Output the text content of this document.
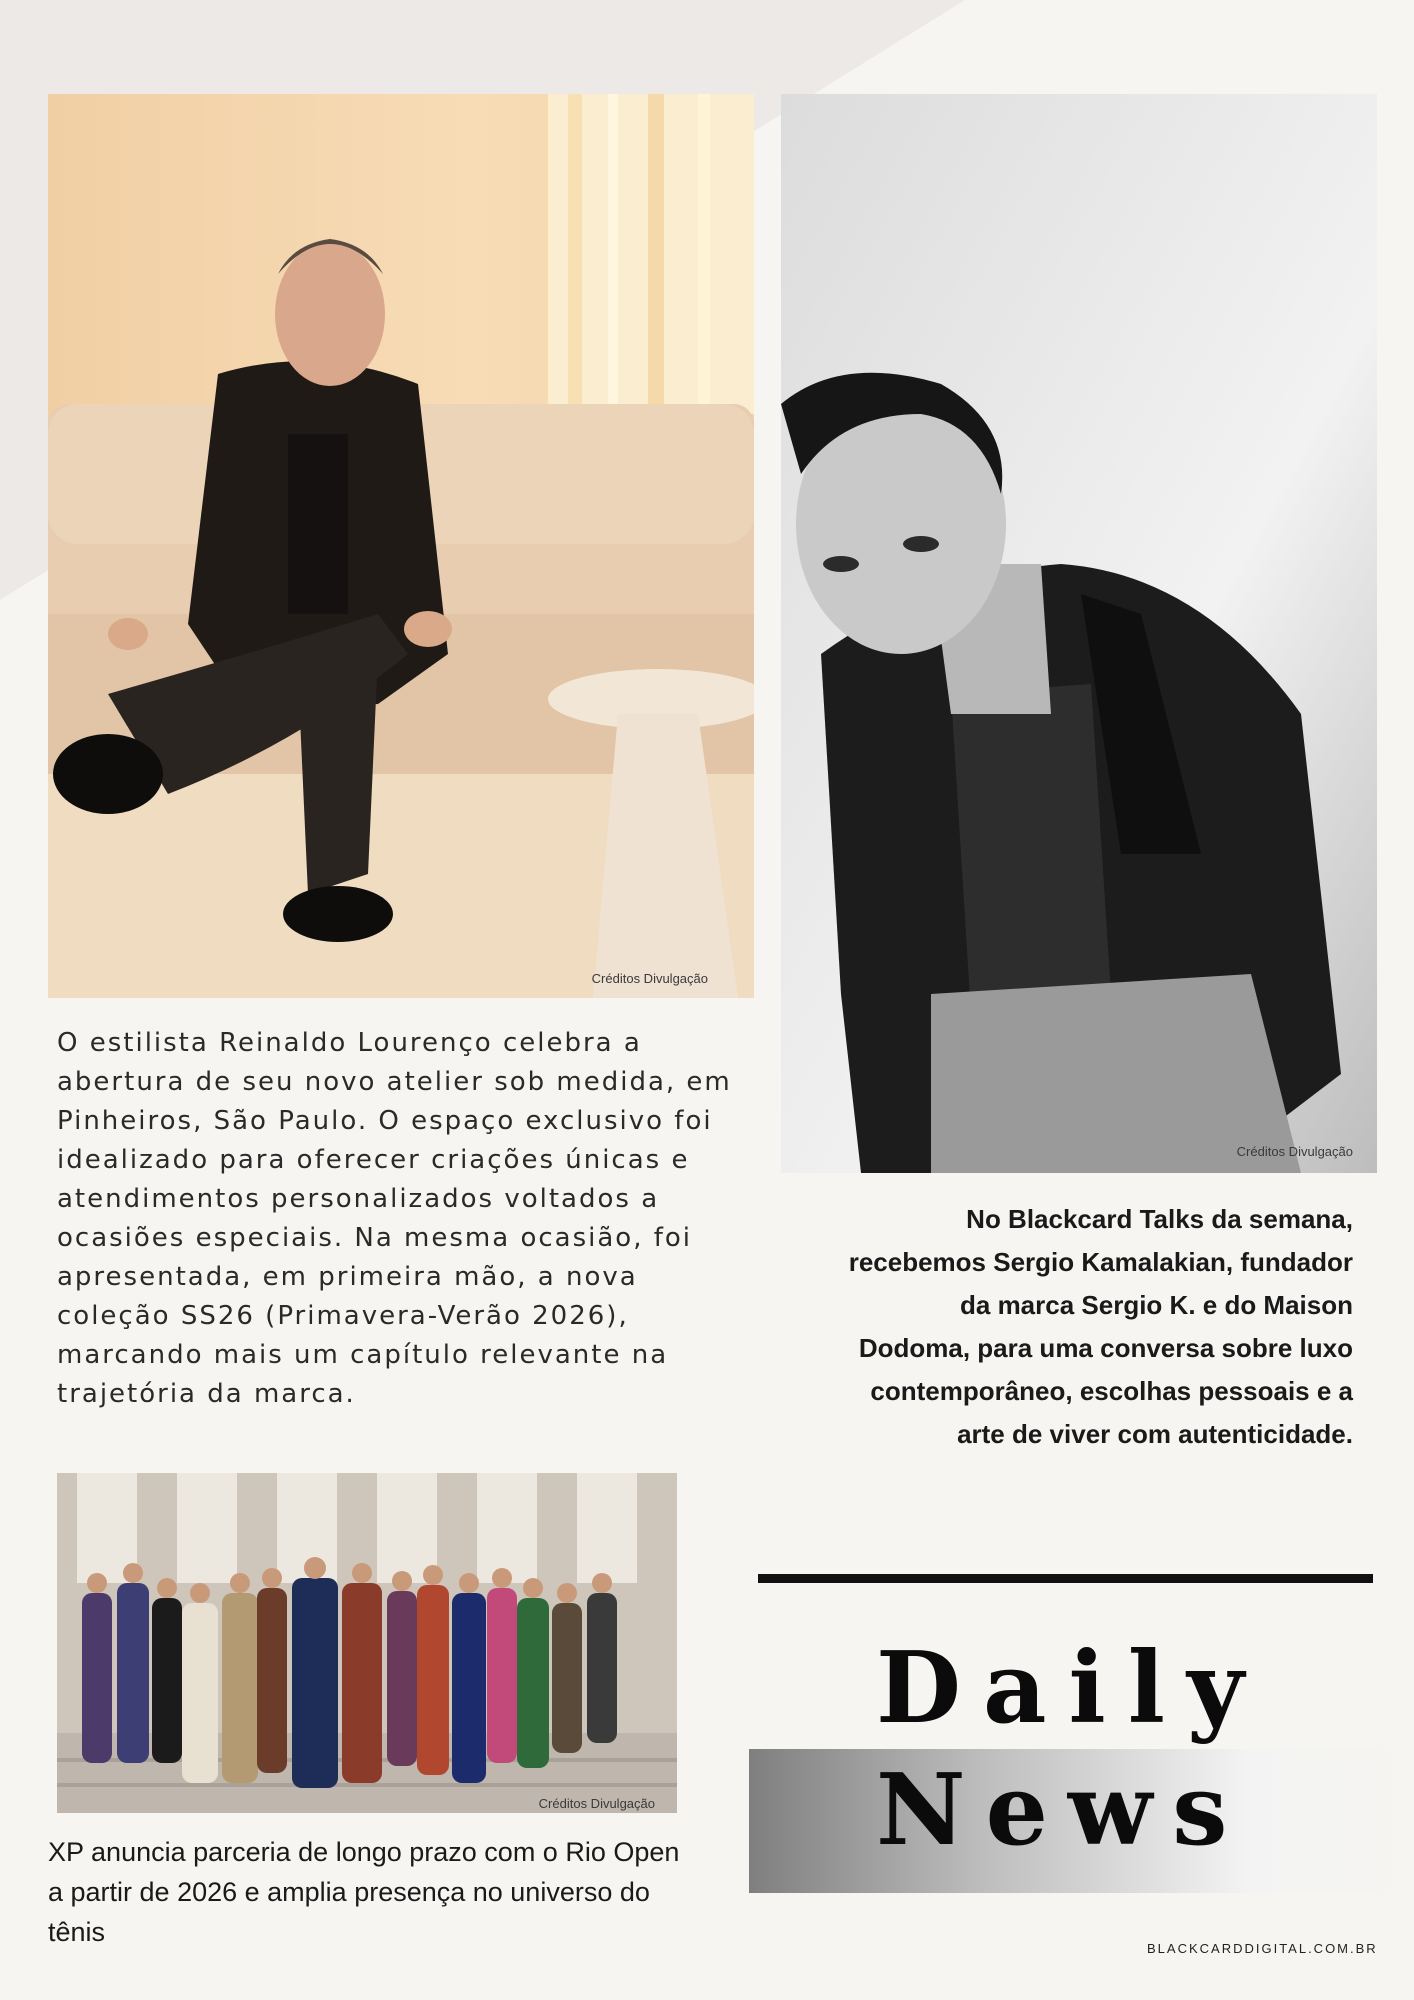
Créditos Divulgação
Créditos Divulgação
Créditos Divulgação

O estilista Reinaldo Lourenço celebra a abertura de seu novo atelier sob medida, em Pinheiros, São Paulo. O espaço exclusivo foi idealizado para oferecer criações únicas e atendimentos personalizados voltados a ocasiões especiais. Na mesma ocasião, foi apresentada, em primeira mão, a nova coleção SS26 (Primavera-Verão 2026), marcando mais um capítulo relevante na trajetória da marca.

No Blackcard Talks da semana, recebemos Sergio Kamalakian, fundador da marca Sergio K. e do Maison Dodoma, para uma conversa sobre luxo contemporâneo, escolhas pessoais e a arte de viver com autenticidade.

XP anuncia parceria de longo prazo com o Rio Open a partir de 2026 e amplia presença no universo do tênis

Daily
News
BLACKCARDDIGITAL.COM.BR
